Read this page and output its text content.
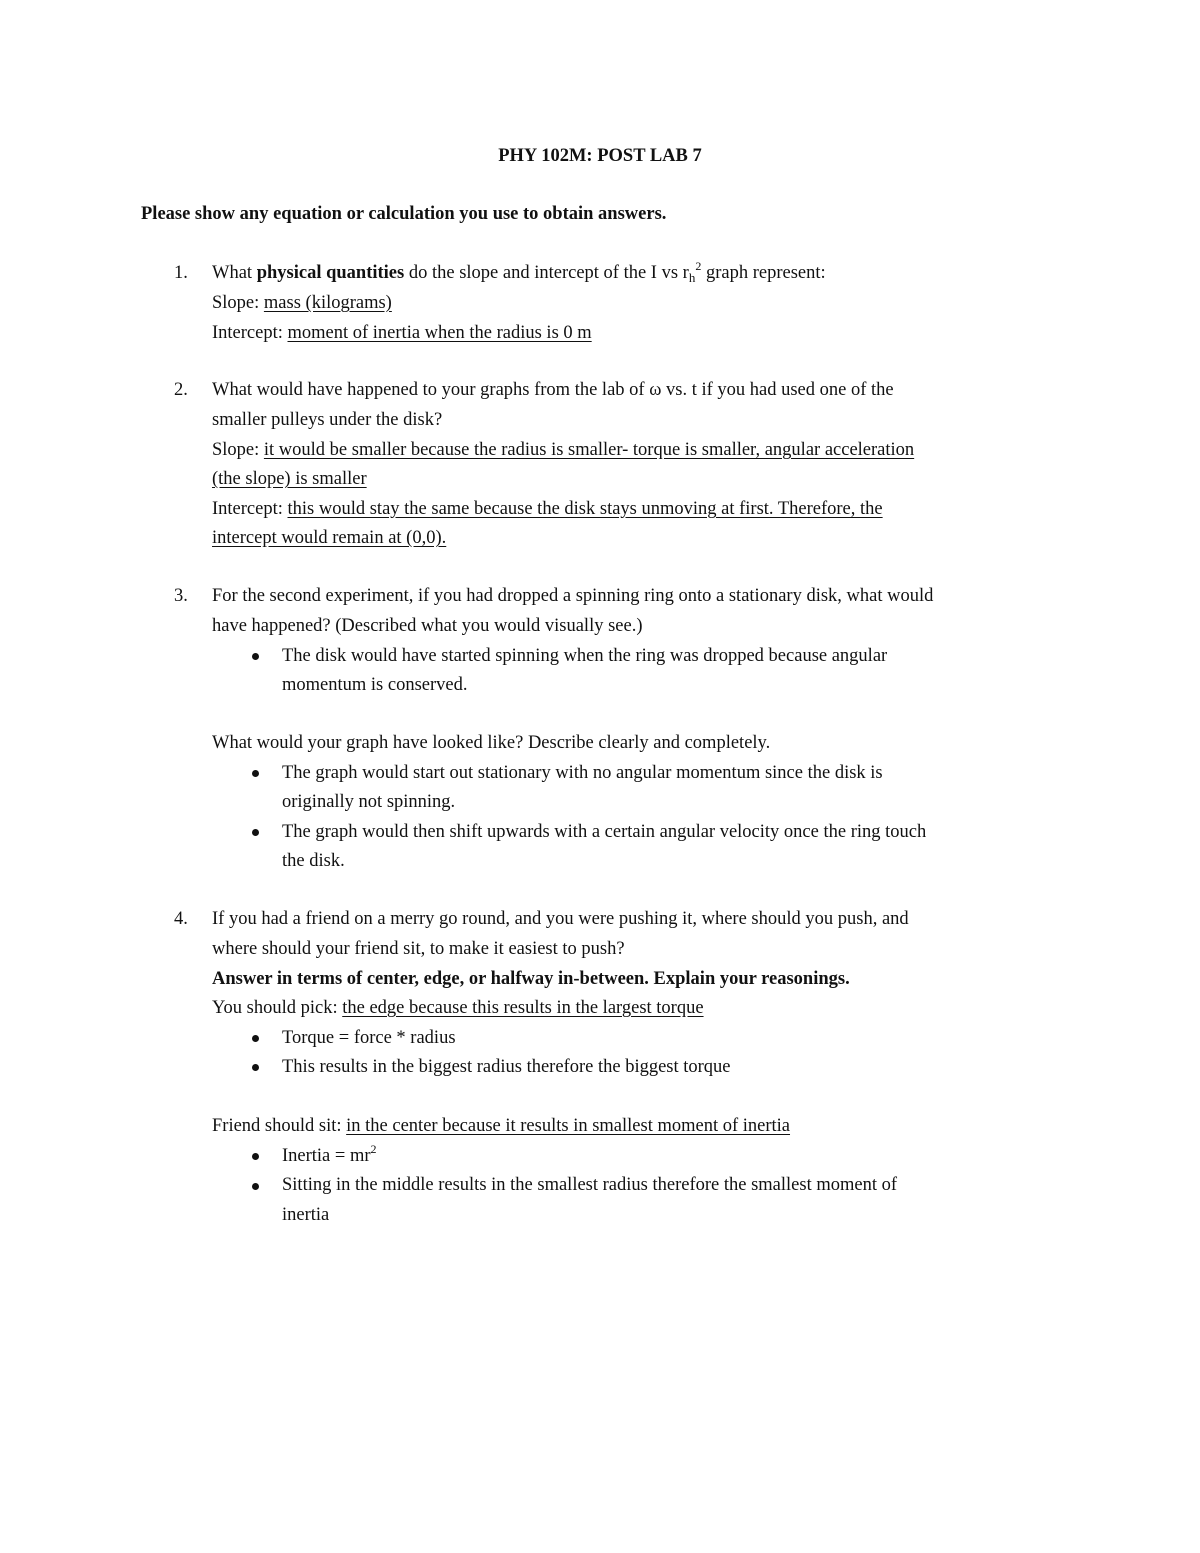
PHY 102M: POST LAB 7
Please show any equation or calculation you use to obtain answers.
1. What physical quantities do the slope and intercept of the I vs $r_h^2$ graph represent:
Slope: mass (kilograms)
Intercept: moment of inertia when the radius is 0 m
2. What would have happened to your graphs from the lab of ω vs. t if you had used one of the
smaller pulleys under the disk?
Slope: it would be smaller because the radius is smaller- torque is smaller, angular acceleration
(the slope) is smaller
Intercept: this would stay the same because the disk stays unmoving at first. Therefore, the
intercept would remain at (0,0).
3. For the second experiment, if you had dropped a spinning ring onto a stationary disk, what would
have happened? (Described what you would visually see.)
The disk would have started spinning when the ring was dropped because angular
momentum is conserved.
What would your graph have looked like? Describe clearly and completely.
The graph would start out stationary with no angular momentum since the disk is
originally not spinning.
The graph would then shift upwards with a certain angular velocity once the ring touch
the disk.
4. If you had a friend on a merry go round, and you were pushing it, where should you push, and
where should your friend sit, to make it easiest to push?
Answer in terms of center, edge, or halfway in-between. Explain your reasonings.
You should pick: the edge because this results in the largest torque
Torque = force * radius
This results in the biggest radius therefore the biggest torque
Friend should sit: in the center because it results in smallest moment of inertia
Inertia = $mr^2$
Sitting in the middle results in the smallest radius therefore the smallest moment of
inertia
